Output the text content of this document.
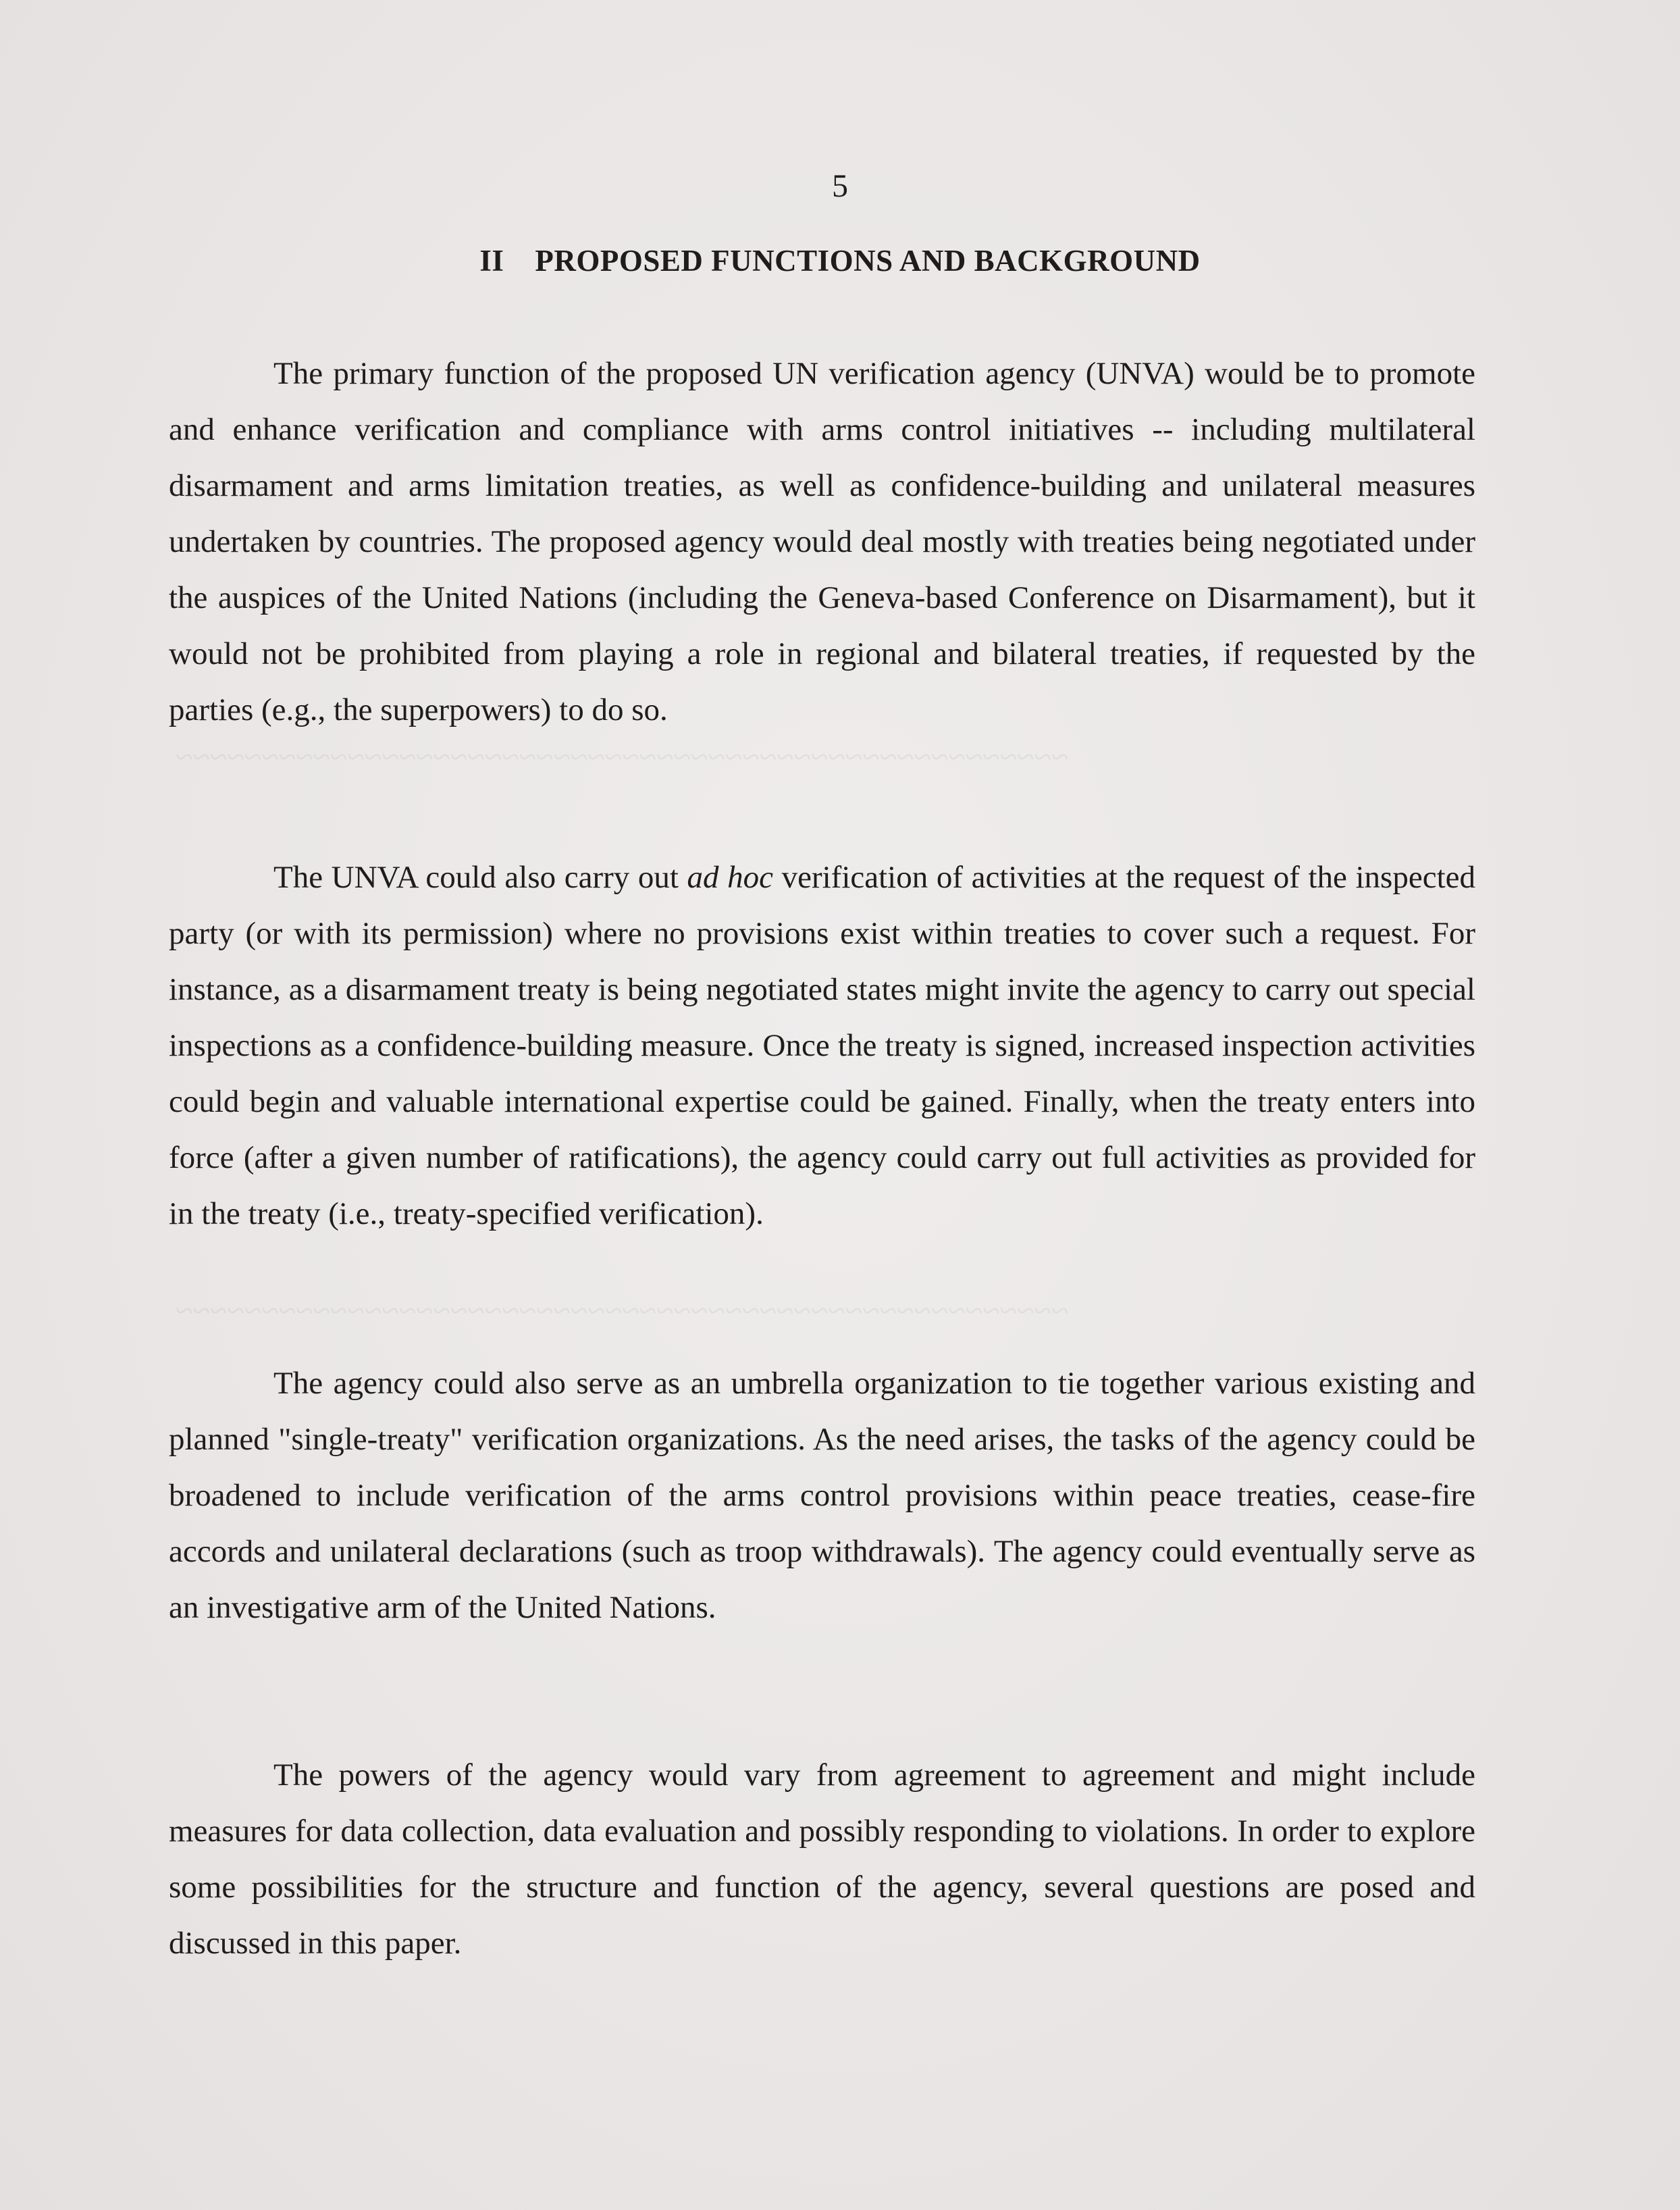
~~~~~~~~~~~~~~~~~~~~~~~~~~~~~~~~~~~~~~~~~~~~~~~~~~~~
~~~~~~~~~~~~~~~~~~~~~~~~~~~~~~~~~~~~~~~~~~~~~~~~~~~~

5

II PROPOSED FUNCTIONS AND BACKGROUND

The primary function of the proposed UN verification agency (UNVA) would be to promote and enhance verification and compliance with arms control initiatives -- including multilateral disarmament and arms limitation treaties, as well as confidence-building and unilateral measures undertaken by countries. The proposed agency would deal mostly with treaties being negotiated under the auspices of the United Nations (including the Geneva-based Conference on Disarmament), but it would not be prohibited from playing a role in regional and bilateral treaties, if requested by the parties (e.g., the superpowers) to do so.

The UNVA could also carry out ad hoc verification of activities at the request of the inspected party (or with its permission) where no provisions exist within treaties to cover such a request. For instance, as a disarmament treaty is being negotiated states might invite the agency to carry out special inspections as a confidence-building measure. Once the treaty is signed, increased inspection activities could begin and valuable international expertise could be gained. Finally, when the treaty enters into force (after a given number of ratifications), the agency could carry out full activities as provided for in the treaty (i.e., treaty-specified verification).

The agency could also serve as an umbrella organization to tie together various existing and planned "single-treaty" verification organizations. As the need arises, the tasks of the agency could be broadened to include verification of the arms control provisions within peace treaties, cease-fire accords and unilateral declarations (such as troop withdrawals). The agency could eventually serve as an investigative arm of the United Nations.

The powers of the agency would vary from agreement to agreement and might include measures for data collection, data evaluation and possibly responding to violations. In order to explore some possibilities for the structure and function of the agency, several questions are posed and discussed in this paper.
